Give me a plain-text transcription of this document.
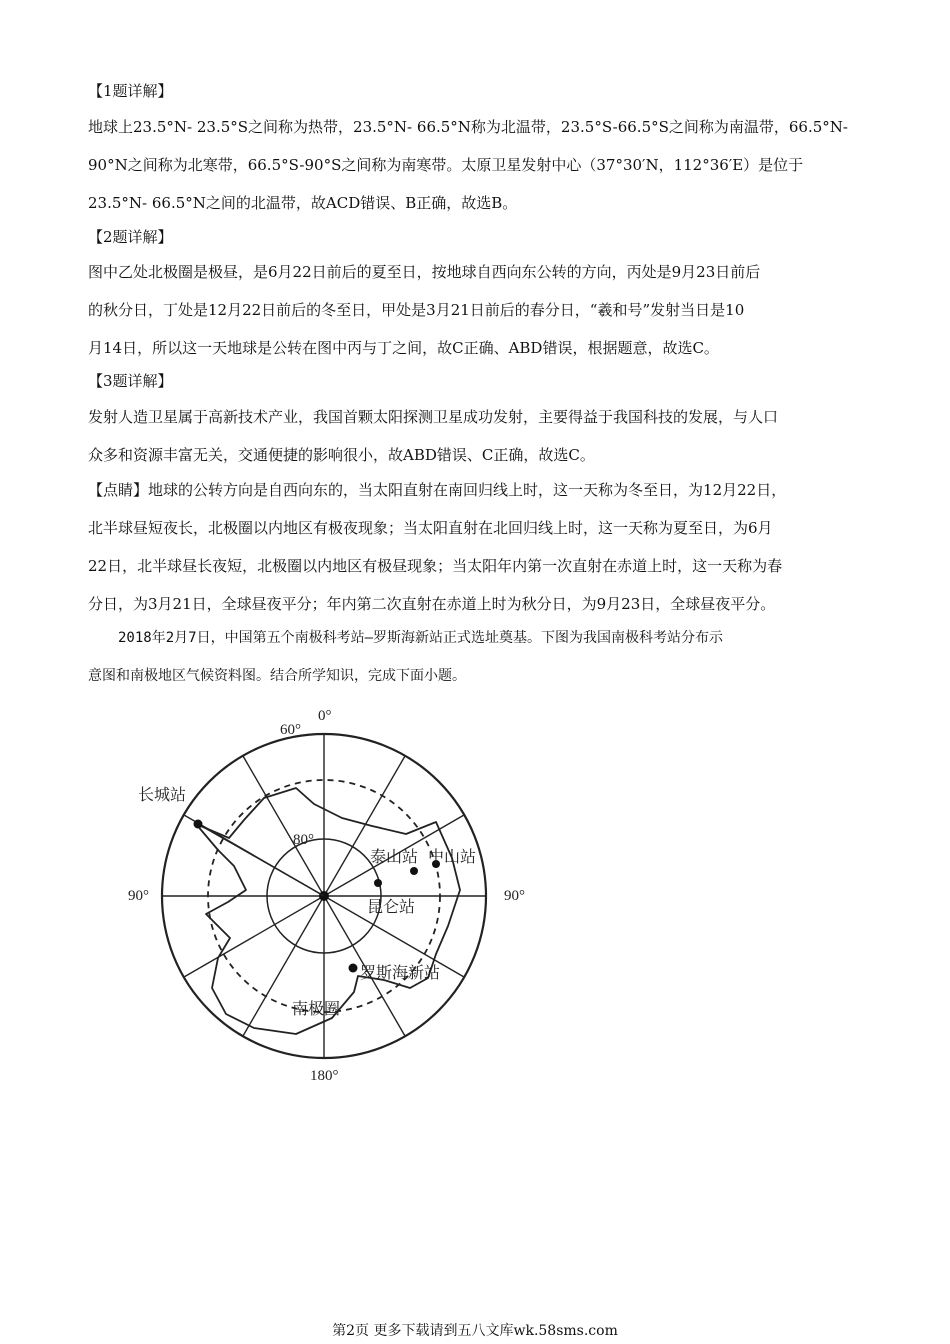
【1题详解】
地球上23.5°N- 23.5°S之间称为热带，23.5°N- 66.5°N称为北温带，23.5°S-66.5°S之间称为南温带，66.5°N-
90°N之间称为北寒带，66.5°S-90°S之间称为南寒带。太原卫星发射中心（37°30′N，112°36′E）是位于
23.5°N- 66.5°N之间的北温带，故ACD错误、B正确，故选B。
【2题详解】
图中乙处北极圈是极昼，是6月22日前后的夏至日，按地球自西向东公转的方向，丙处是9月23日前后
的秋分日，丁处是12月22日前后的冬至日，甲处是3月21日前后的春分日，“羲和号”发射当日是10
月14日，所以这一天地球是公转在图中丙与丁之间，故C正确、ABD错误，根据题意，故选C。
【3题详解】
发射人造卫星属于高新技术产业，我国首颗太阳探测卫星成功发射，主要得益于我国科技的发展，与人口
众多和资源丰富无关，交通便捷的影响很小，故ABD错误、C正确，故选C。
【点睛】地球的公转方向是自西向东的，当太阳直射在南回归线上时，这一天称为冬至日，为12月22日，
北半球昼短夜长，北极圈以内地区有极夜现象；当太阳直射在北回归线上时，这一天称为夏至日，为6月
22日，北半球昼长夜短，北极圈以内地区有极昼现象；当太阳年内第一次直射在赤道上时，这一天称为春
分日，为3月21日，全球昼夜平分；年内第二次直射在赤道上时为秋分日，为9月23日，全球昼夜平分。
2018年2月7日，中国第五个南极科考站—罗斯海新站正式选址奠基。下图为我国南极科考站分布示
意图和南极地区气候资料图。结合所学知识，完成下面小题。
0°
60°
80°
90°	90°
180°
长城站
泰山站 中山站
昆仑站
罗斯海新站
南极圈
第2页 更多下载请到五八文库wk.58sms.com
